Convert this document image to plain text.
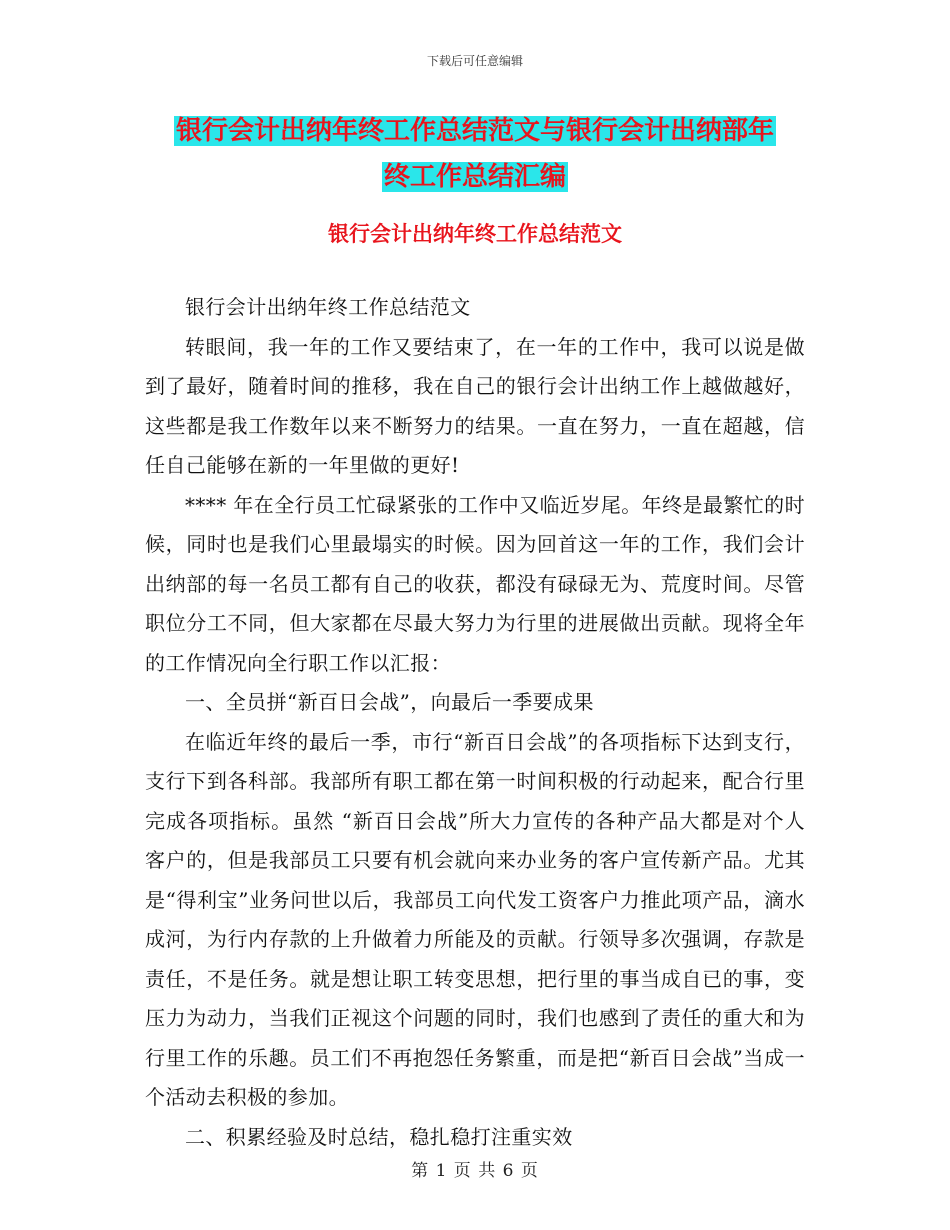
下载后可任意编辑
银行会计出纳年终工作总结范文与银行会计出纳部年
终工作总结汇编
银行会计出纳年终工作总结范文

银行会计出纳年终工作总结范文

转眼间，我一年的工作又要结束了，在一年的工作中，我可以说是做到了最好，随着时间的推移，我在自己的银行会计出纳工作上越做越好，这些都是我工作数年以来不断努力的结果。一直在努力，一直在超越，信任自己能够在新的一年里做的更好!

**** 年在全行员工忙碌紧张的工作中又临近岁尾。年终是最繁忙的时候，同时也是我们心里最塌实的时候。因为回首这一年的工作，我们会计出纳部的每一名员工都有自己的收获，都没有碌碌无为、荒度时间。尽管职位分工不同，但大家都在尽最大努力为行里的进展做出贡献。现将全年的工作情况向全行职工作以汇报：

一、全员拼“新百日会战”，向最后一季要成果

在临近年终的最后一季，市行“新百日会战”的各项指标下达到支行，支行下到各科部。我部所有职工都在第一时间积极的行动起来，配合行里完成各项指标。虽然 “新百日会战”所大力宣传的各种产品大都是对个人客户的，但是我部员工只要有机会就向来办业务的客户宣传新产品。尤其是“得利宝”业务问世以后，我部员工向代发工资客户力推此项产品，滴水成河，为行内存款的上升做着力所能及的贡献。行领导多次强调，存款是责任，不是任务。就是想让职工转变思想，把行里的事当成自已的事，变压力为动力，当我们正视这个问题的同时，我们也感到了责任的重大和为行里工作的乐趣。员工们不再抱怨任务繁重，而是把“新百日会战”当成一个活动去积极的参加。

二、积累经验及时总结，稳扎稳打注重实效

第 1 页 共 6 页
